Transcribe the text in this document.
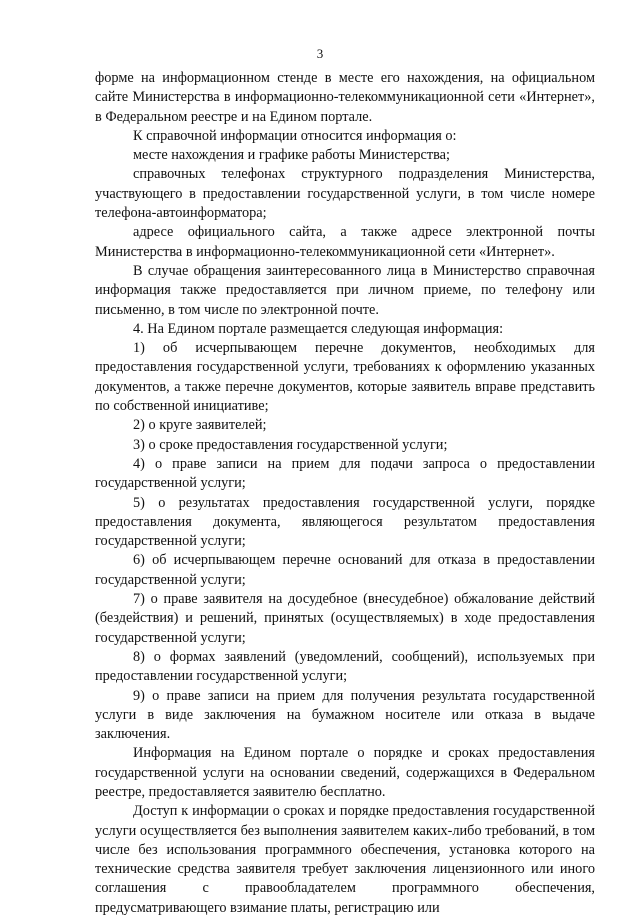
3

форме на информационном стенде в месте его нахождения, на официальном сайте Министерства в информационно-телекоммуникационной сети «Интернет», в Федеральном реестре и на Едином портале.

К справочной информации относится информация о:

месте нахождения и графике работы Министерства;

справочных телефонах структурного подразделения Министерства, участвующего в предоставлении государственной услуги, в том числе номере телефона-автоинформатора;

адресе официального сайта, а также адресе электронной почты Министерства в информационно-телекоммуникационной сети «Интернет».

В случае обращения заинтересованного лица в Министерство справочная информация также предоставляется при личном приеме, по телефону или письменно, в том числе по электронной почте.

4. На Едином портале размещается следующая информация:

1) об исчерпывающем перечне документов, необходимых для предоставления государственной услуги, требованиях к оформлению указанных документов, а также перечне документов, которые заявитель вправе представить по собственной инициативе;

2) о круге заявителей;

3) о сроке предоставления государственной услуги;

4) о праве записи на прием для подачи запроса о предоставлении государственной услуги;

5) о результатах предоставления государственной услуги, порядке предоставления документа, являющегося результатом предоставления государственной услуги;

6) об исчерпывающем перечне оснований для отказа в предоставлении государственной услуги;

7) о праве заявителя на досудебное (внесудебное) обжалование действий (бездействия) и решений, принятых (осуществляемых) в ходе предоставления государственной услуги;

8) о формах заявлений (уведомлений, сообщений), используемых при предоставлении государственной услуги;

9) о праве записи на прием для получения результата государственной услуги в виде заключения на бумажном носителе или отказа в выдаче заключения.

Информация на Едином портале о порядке и сроках предоставления государственной услуги на основании сведений, содержащихся в Федеральном реестре, предоставляется заявителю бесплатно.

Доступ к информации о сроках и порядке предоставления государственной услуги осуществляется без выполнения заявителем каких-либо требований, в том числе без использования программного обеспечения, установка которого на технические средства заявителя требует заключения лицензионного или иного соглашения с правообладателем программного обеспечения, предусматривающего взимание платы, регистрацию или
